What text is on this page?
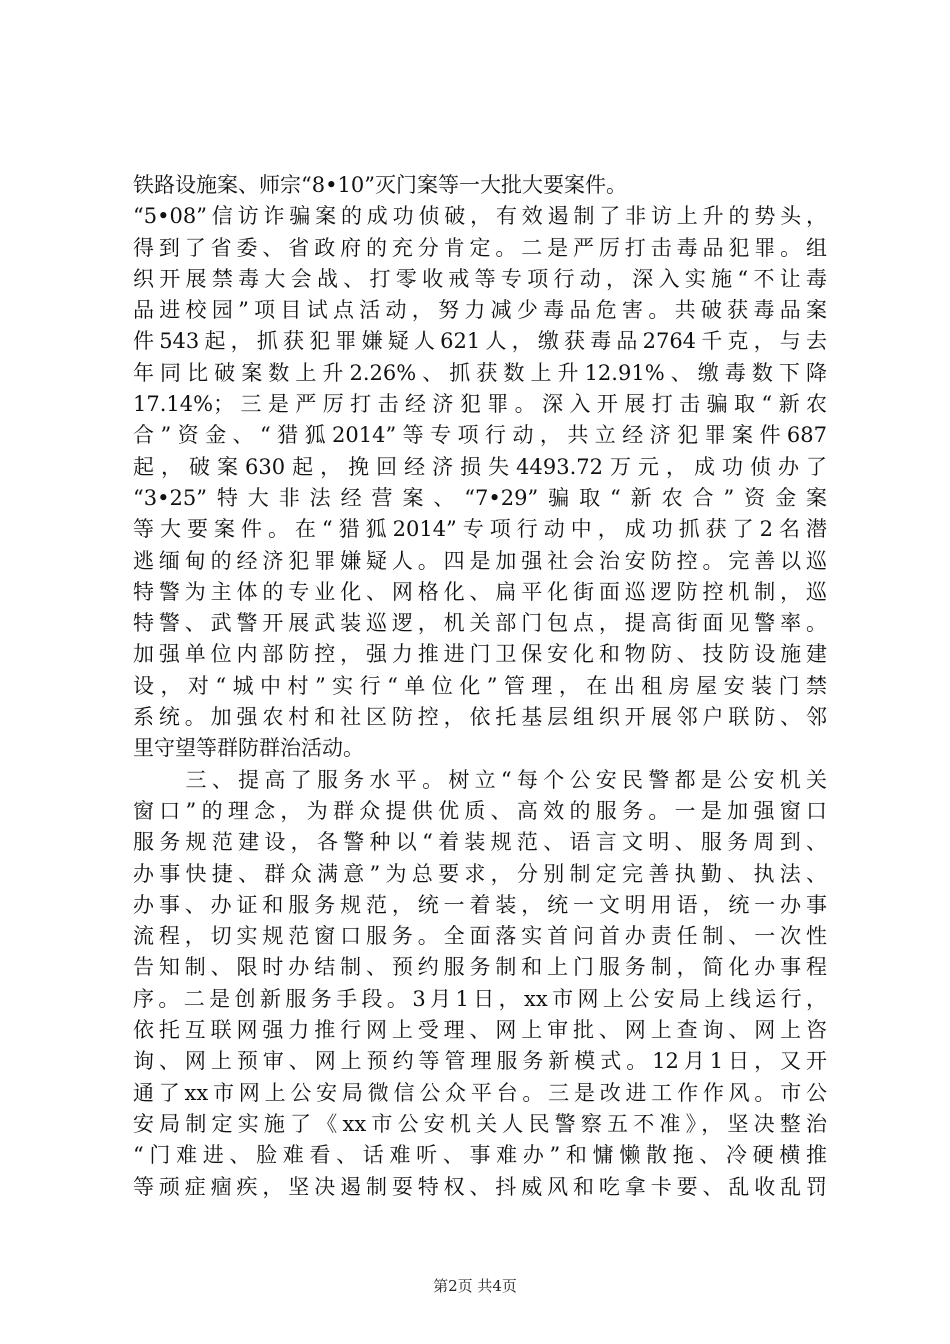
铁路设施案、师宗“8•10”灭门案等一大批大要案件。
“5•08”信访诈骗案的成功侦破，有效遏制了非访上升的势头，
得到了省委、省政府的充分肯定。二是严厉打击毒品犯罪。组
织开展禁毒大会战、打零收戒等专项行动，深入实施“不让毒
品进校园”项目试点活动，努力减少毒品危害。共破获毒品案
件543起，抓获犯罪嫌疑人621人，缴获毒品2764千克，与去
年同比破案数上升2.26%、抓获数上升12.91%、缴毒数下降
17.14%；三是严厉打击经济犯罪。深入开展打击骗取“新农
合”资金、“猎狐2014”等专项行动，共立经济犯罪案件687
起，破案630起，挽回经济损失4493.72万元，成功侦办了
“3•25”特大非法经营案、“7•29”骗取“新农合”资金案
等大要案件。在“猎狐2014”专项行动中，成功抓获了2名潜
逃缅甸的经济犯罪嫌疑人。四是加强社会治安防控。完善以巡
特警为主体的专业化、网格化、扁平化街面巡逻防控机制，巡
特警、武警开展武装巡逻，机关部门包点，提高街面见警率。
加强单位内部防控，强力推进门卫保安化和物防、技防设施建
设，对“城中村”实行“单位化”管理，在出租房屋安装门禁
系统。加强农村和社区防控，依托基层组织开展邻户联防、邻
里守望等群防群治活动。
　　三、提高了服务水平。树立“每个公安民警都是公安机关
窗口”的理念，为群众提供优质、高效的服务。一是加强窗口
服务规范建设，各警种以“着装规范、语言文明、服务周到、
办事快捷、群众满意”为总要求，分别制定完善执勤、执法、
办事、办证和服务规范，统一着装，统一文明用语，统一办事
流程，切实规范窗口服务。全面落实首问首办责任制、一次性
告知制、限时办结制、预约服务制和上门服务制，简化办事程
序。二是创新服务手段。3月1日，xx市网上公安局上线运行，
依托互联网强力推行网上受理、网上审批、网上查询、网上咨
询、网上预审、网上预约等管理服务新模式。12月1日，又开
通了xx市网上公安局微信公众平台。三是改进工作作风。市公
安局制定实施了《xx市公安机关人民警察五不准》，坚决整治
“门难进、脸难看、话难听、事难办”和慵懒散拖、冷硬横推
等顽症痼疾，坚决遏制耍特权、抖威风和吃拿卡要、乱收乱罚
第2页 共4页
